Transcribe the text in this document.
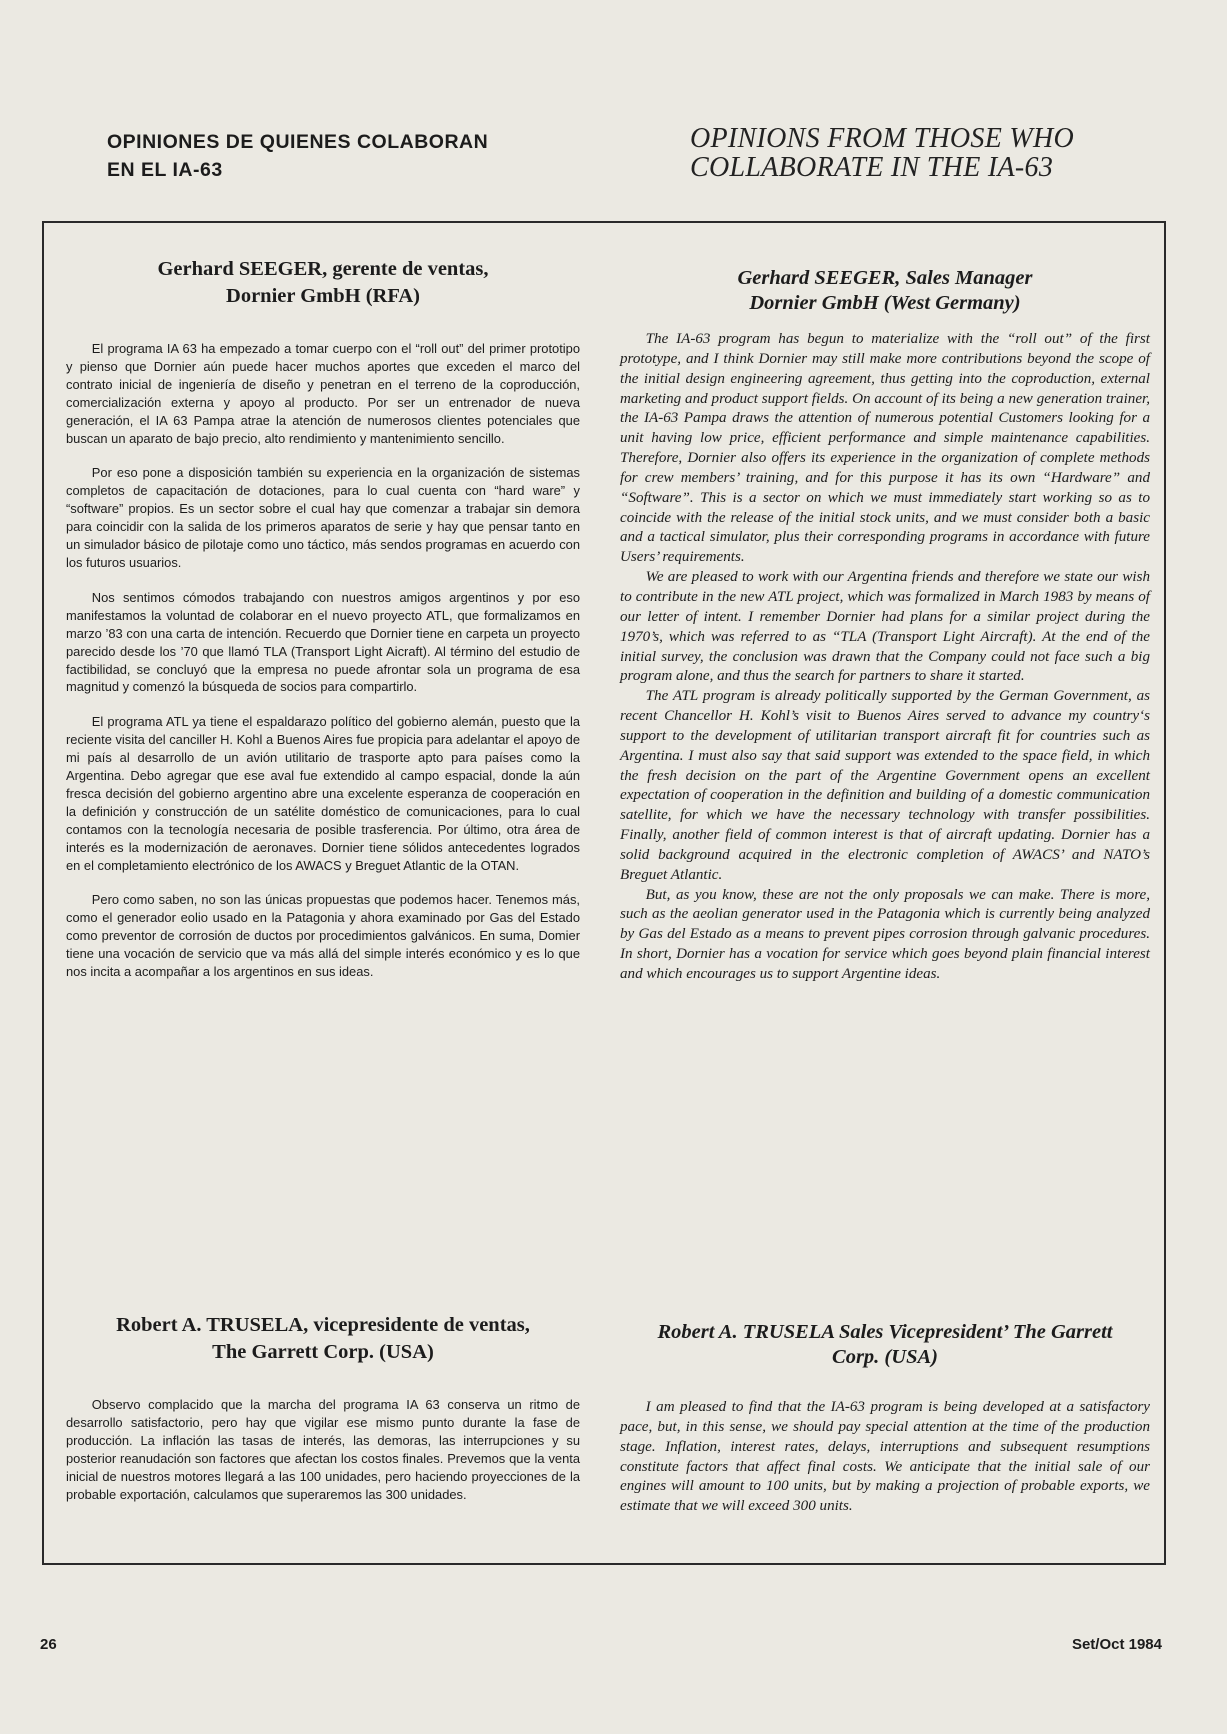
OPINIONES DE QUIENES COLABORAN
EN EL IA-63
OPINIONS FROM THOSE WHO
COLLABORATE IN THE IA-63
Gerhard SEEGER, gerente de ventas,
Dornier GmbH (RFA)

El programa IA 63 ha empezado a tomar cuerpo con el “roll out” del primer prototipo y pienso que Dornier aún puede hacer muchos aportes que exceden el marco del contrato inicial de ingeniería de diseño y penetran en el terreno de la coproducción, comercialización externa y apoyo al producto. Por ser un entrenador de nueva generación, el IA 63 Pampa atrae la atención de numerosos clientes potenciales que buscan un aparato de bajo precio, alto rendimiento y mantenimiento sencillo.

Por eso pone a disposición también su experiencia en la organización de sistemas completos de capacitación de dotaciones, para lo cual cuenta con “hard ware” y “software” propios. Es un sector sobre el cual hay que comenzar a trabajar sin demora para coincidir con la salida de los primeros aparatos de serie y hay que pensar tanto en un simulador básico de pilotaje como uno táctico, más sendos programas en acuerdo con los futuros usuarios.

Nos sentimos cómodos trabajando con nuestros amigos argentinos y por eso manifestamos la voluntad de colaborar en el nuevo proyecto ATL, que formalizamos en marzo ’83 con una carta de intención. Recuerdo que Dornier tiene en carpeta un proyecto parecido desde los ’70 que llamó TLA (Transport Light Aicraft). Al término del estudio de factibilidad, se concluyó que la empresa no puede afrontar sola un programa de esa magnitud y comenzó la búsqueda de socios para compartirlo.

El programa ATL ya tiene el espaldarazo político del gobierno alemán, puesto que la reciente visita del canciller H. Kohl a Buenos Aires fue propicia para adelantar el apoyo de mi país al desarrollo de un avión utilitario de trasporte apto para países como la Argentina. Debo agregar que ese aval fue extendido al campo espacial, donde la aún fresca decisión del gobierno argentino abre una excelente esperanza de cooperación en la definición y construcción de un satélite doméstico de comunicaciones, para lo cual contamos con la tecnología necesaria de posible trasferencia. Por último, otra área de interés es la modernización de aeronaves. Dornier tiene sólidos antecedentes logrados en el completamiento electrónico de los AWACS y Breguet Atlantic de la OTAN.

Pero como saben, no son las únicas propuestas que podemos hacer. Tenemos más, como el generador eolio usado en la Patagonia y ahora examinado por Gas del Estado como preventor de corrosión de ductos por procedimientos galvánicos. En suma, Domier tiene una vocación de servicio que va más allá del simple interés económico y es lo que nos incita a acompañar a los argentinos en sus ideas.

Gerhard SEEGER, Sales Manager
Dornier GmbH (West Germany)

The IA-63 program has begun to materialize with the “roll out” of the first prototype, and I think Dornier may still make more contributions beyond the scope of the initial design engineering agreement, thus getting into the coproduction, external marketing and product support fields. On account of its being a new generation trainer, the IA-63 Pampa draws the attention of numerous potential Customers looking for a unit having low price, efficient performance and simple maintenance capabilities. Therefore, Dornier also offers its experience in the organization of complete methods for crew members’ training, and for this purpose it has its own “Hardware” and “Software”. This is a sector on which we must immediately start working so as to coincide with the release of the initial stock units, and we must consider both a basic and a tactical simulator, plus their corresponding programs in accordance with future Users’ requirements.

We are pleased to work with our Argentina friends and therefore we state our wish to contribute in the new ATL project, which was formalized in March 1983 by means of our letter of intent. I remember Dornier had plans for a similar project during the 1970’s, which was referred to as “TLA (Transport Light Aircraft). At the end of the initial survey, the conclusion was drawn that the Company could not face such a big program alone, and thus the search for partners to share it started.

The ATL program is already politically supported by the German Government, as recent Chancellor H. Kohl’s visit to Buenos Aires served to advance my country‘s support to the development of utilitarian transport aircraft fit for countries such as Argentina. I must also say that said support was extended to the space field, in which the fresh decision on the part of the Argentine Government opens an excellent expectation of cooperation in the definition and building of a domestic communication satellite, for which we have the necessary technology with transfer possibilities. Finally, another field of common interest is that of aircraft updating. Dornier has a solid background acquired in the electronic completion of AWACS’ and NATO’s Breguet Atlantic.

But, as you know, these are not the only proposals we can make. There is more, such as the aeolian generator used in the Patagonia which is currently being analyzed by Gas del Estado as a means to prevent pipes corrosion through galvanic procedures. In short, Dornier has a vocation for service which goes beyond plain financial interest and which encourages us to support Argentine ideas.

Robert A. TRUSELA, vicepresidente de ventas,
The Garrett Corp. (USA)

Observo complacido que la marcha del programa IA 63 conserva un ritmo de desarrollo satisfactorio, pero hay que vigilar ese mismo punto durante la fase de producción. La inflación las tasas de interés, las demoras, las interrupciones y su posterior reanudación son factores que afectan los costos finales. Prevemos que la venta inicial de nuestros motores llegará a las 100 unidades, pero haciendo proyecciones de la probable exportación, calculamos que superaremos las 300 unidades.

Robert A. TRUSELA Sales Vicepresident’ The Garrett
Corp. (USA)

I am pleased to find that the IA-63 program is being developed at a satisfactory pace, but, in this sense, we should pay special attention at the time of the production stage. Inflation, interest rates, delays, interruptions and subsequent resumptions constitute factors that affect final costs. We anticipate that the initial sale of our engines will amount to 100 units, but by making a projection of probable exports, we estimate that we will exceed 300 units.

26	Set/Oct 1984
